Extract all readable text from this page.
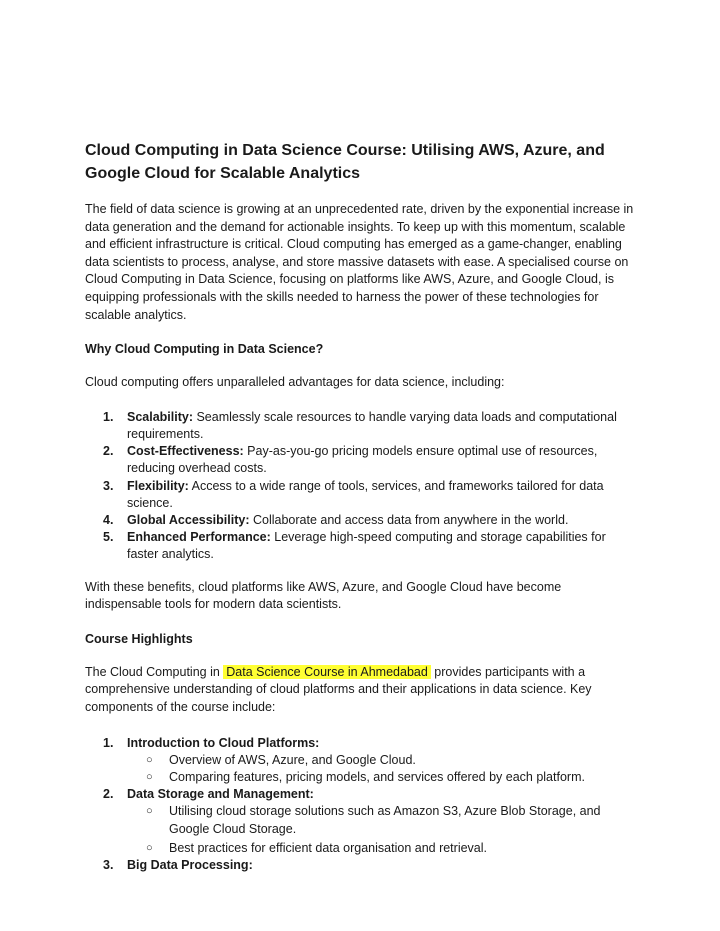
Cloud Computing in Data Science Course: Utilising AWS, Azure, and Google Cloud for Scalable Analytics

The field of data science is growing at an unprecedented rate, driven by the exponential increase in data generation and the demand for actionable insights. To keep up with this momentum, scalable and efficient infrastructure is critical. Cloud computing has emerged as a game-changer, enabling data scientists to process, analyse, and store massive datasets with ease. A specialised course on Cloud Computing in Data Science, focusing on platforms like AWS, Azure, and Google Cloud, is equipping professionals with the skills needed to harness the power of these technologies for scalable analytics.

Why Cloud Computing in Data Science?

Cloud computing offers unparalleled advantages for data science, including:

1. Scalability: Seamlessly scale resources to handle varying data loads and computational requirements.
2. Cost-Effectiveness: Pay-as-you-go pricing models ensure optimal use of resources, reducing overhead costs.
3. Flexibility: Access to a wide range of tools, services, and frameworks tailored for data science.
4. Global Accessibility: Collaborate and access data from anywhere in the world.
5. Enhanced Performance: Leverage high-speed computing and storage capabilities for faster analytics.

With these benefits, cloud platforms like AWS, Azure, and Google Cloud have become indispensable tools for modern data scientists.

Course Highlights

The Cloud Computing in Data Science Course in Ahmedabad provides participants with a comprehensive understanding of cloud platforms and their applications in data science. Key components of the course include:

1. Introduction to Cloud Platforms:
○ Overview of AWS, Azure, and Google Cloud.
○ Comparing features, pricing models, and services offered by each platform.
2. Data Storage and Management:
○ Utilising cloud storage solutions such as Amazon S3, Azure Blob Storage, and Google Cloud Storage.
○ Best practices for efficient data organisation and retrieval.
3. Big Data Processing:
